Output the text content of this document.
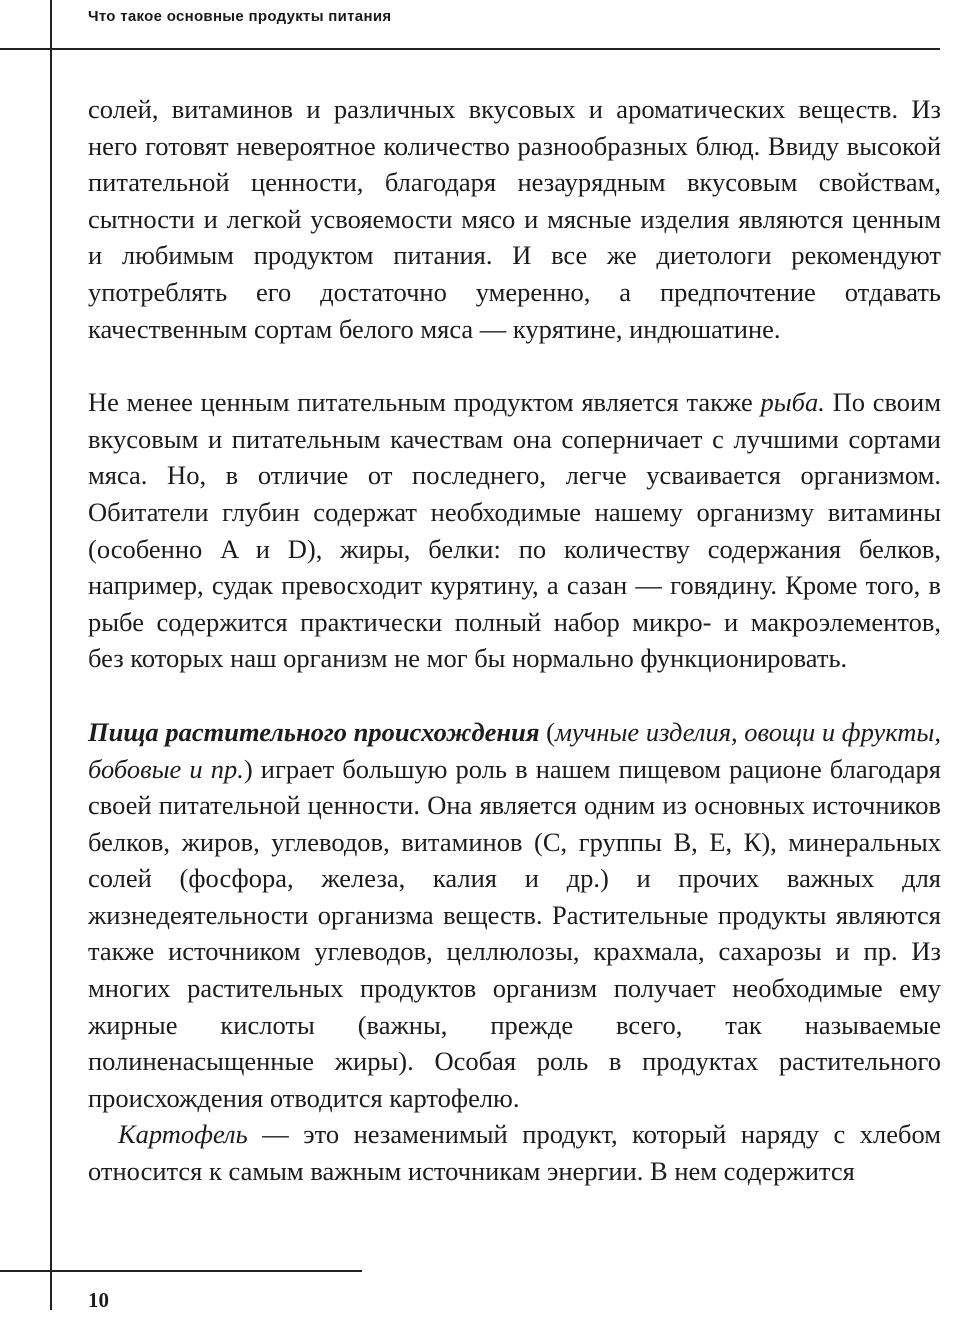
Что такое основные продукты питания

солей, витаминов и различных вкусовых и ароматических веществ. Из него готовят невероятное количество разнообразных блюд. Ввиду высокой питательной ценности, благодаря незаурядным вкусовым свойствам, сытности и легкой усвояемости мясо и мясные изделия являются ценным и любимым продуктом питания. И все же диетологи рекомендуют употреблять его достаточно умеренно, а предпочтение отдавать качественным сортам белого мяса — курятине, индюшатине.

Не менее ценным питательным продуктом является также рыба. По своим вкусовым и питательным качествам она соперничает с лучшими сортами мяса. Но, в отличие от последнего, легче усваивается организмом. Обитатели глубин содержат необходимые нашему организму витамины (особенно A и D), жиры, белки: по количеству содержания белков, например, судак превосходит курятину, а сазан — говядину. Кроме того, в рыбе содержится практически полный набор микро- и макроэлементов, без которых наш организм не мог бы нормально функционировать.

Пища растительного происхождения (мучные изделия, овощи и фрукты, бобовые и пр.) играет большую роль в нашем пищевом рационе благодаря своей питательной ценности. Она является одним из основных источников белков, жиров, углеводов, витаминов (С, группы В, Е, К), минеральных солей (фосфора, железа, калия и др.) и прочих важных для жизнедеятельности организма веществ. Растительные продукты являются также источником углеводов, целлюлозы, крахмала, сахарозы и пр. Из многих растительных продуктов организм получает необходимые ему жирные кислоты (важны, прежде всего, так называемые полиненасыщенные жиры). Особая роль в продуктах растительного происхождения отводится картофелю.

Картофель — это незаменимый продукт, который наряду с хлебом относится к самым важным источникам энергии. В нем содержится

10
